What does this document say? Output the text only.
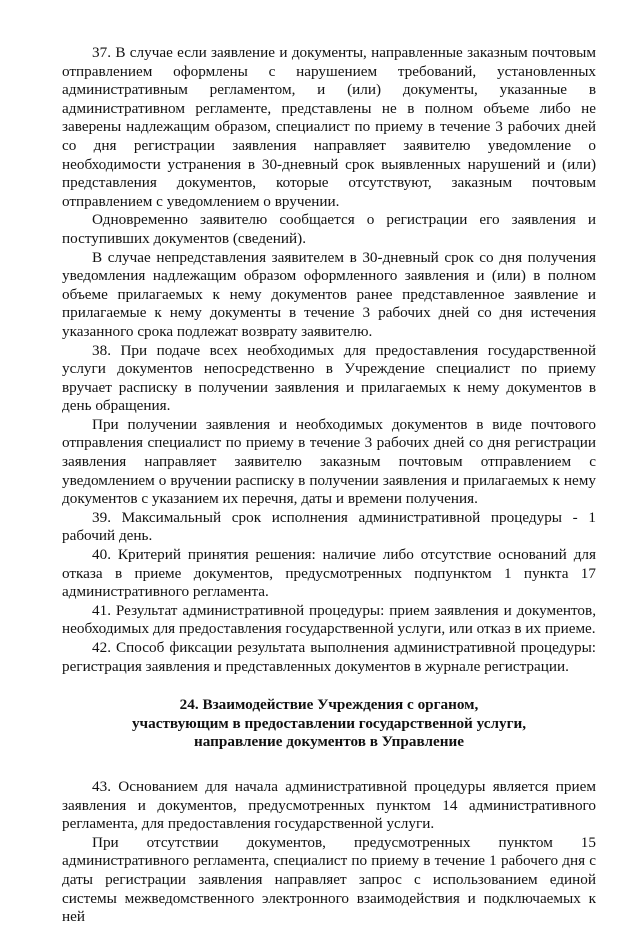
37. В случае если заявление и документы, направленные заказным почтовым отправлением оформлены с нарушением требований, установленных административным регламентом, и (или) документы, указанные в административном регламенте, представлены не в полном объеме либо не заверены надлежащим образом, специалист по приему в течение 3 рабочих дней со дня регистрации заявления направляет заявителю уведомление о необходимости устранения в 30-дневный срок выявленных нарушений и (или) представления документов, которые отсутствуют, заказным почтовым отправлением с уведомлением о вручении.

Одновременно заявителю сообщается о регистрации его заявления и поступивших документов (сведений).

В случае непредставления заявителем в 30-дневный срок со дня получения уведомления надлежащим образом оформленного заявления и (или) в полном объеме прилагаемых к нему документов ранее представленное заявление и прилагаемые к нему документы в течение 3 рабочих дней со дня истечения указанного срока подлежат возврату заявителю.

38. При подаче всех необходимых для предоставления государственной услуги документов непосредственно в Учреждение специалист по приему вручает расписку в получении заявления и прилагаемых к нему документов в день обращения.

При получении заявления и необходимых документов в виде почтового отправления специалист по приему в течение 3 рабочих дней со дня регистрации заявления направляет заявителю заказным почтовым отправлением с уведомлением о вручении расписку в получении заявления и прилагаемых к нему документов с указанием их перечня, даты и времени получения.

39. Максимальный срок исполнения административной процедуры - 1 рабочий день.

40. Критерий принятия решения: наличие либо отсутствие оснований для отказа в приеме документов, предусмотренных подпунктом 1 пункта 17 административного регламента.

41. Результат административной процедуры: прием заявления и документов, необходимых для предоставления государственной услуги, или отказ в их приеме.

42. Способ фиксации результата выполнения административной процедуры: регистрация заявления и представленных документов в журнале регистрации.

24. Взаимодействие Учреждения с органом,
участвующим в предоставлении государственной услуги,
направление документов в Управление

43. Основанием для начала административной процедуры является прием заявления и документов, предусмотренных пунктом 14 административного регламента, для предоставления государственной услуги.

При отсутствии документов, предусмотренных пунктом 15 административного регламента, специалист по приему в течение 1 рабочего дня с даты регистрации заявления направляет запрос с использованием единой системы межведомственного электронного взаимодействия и подключаемых к ней
